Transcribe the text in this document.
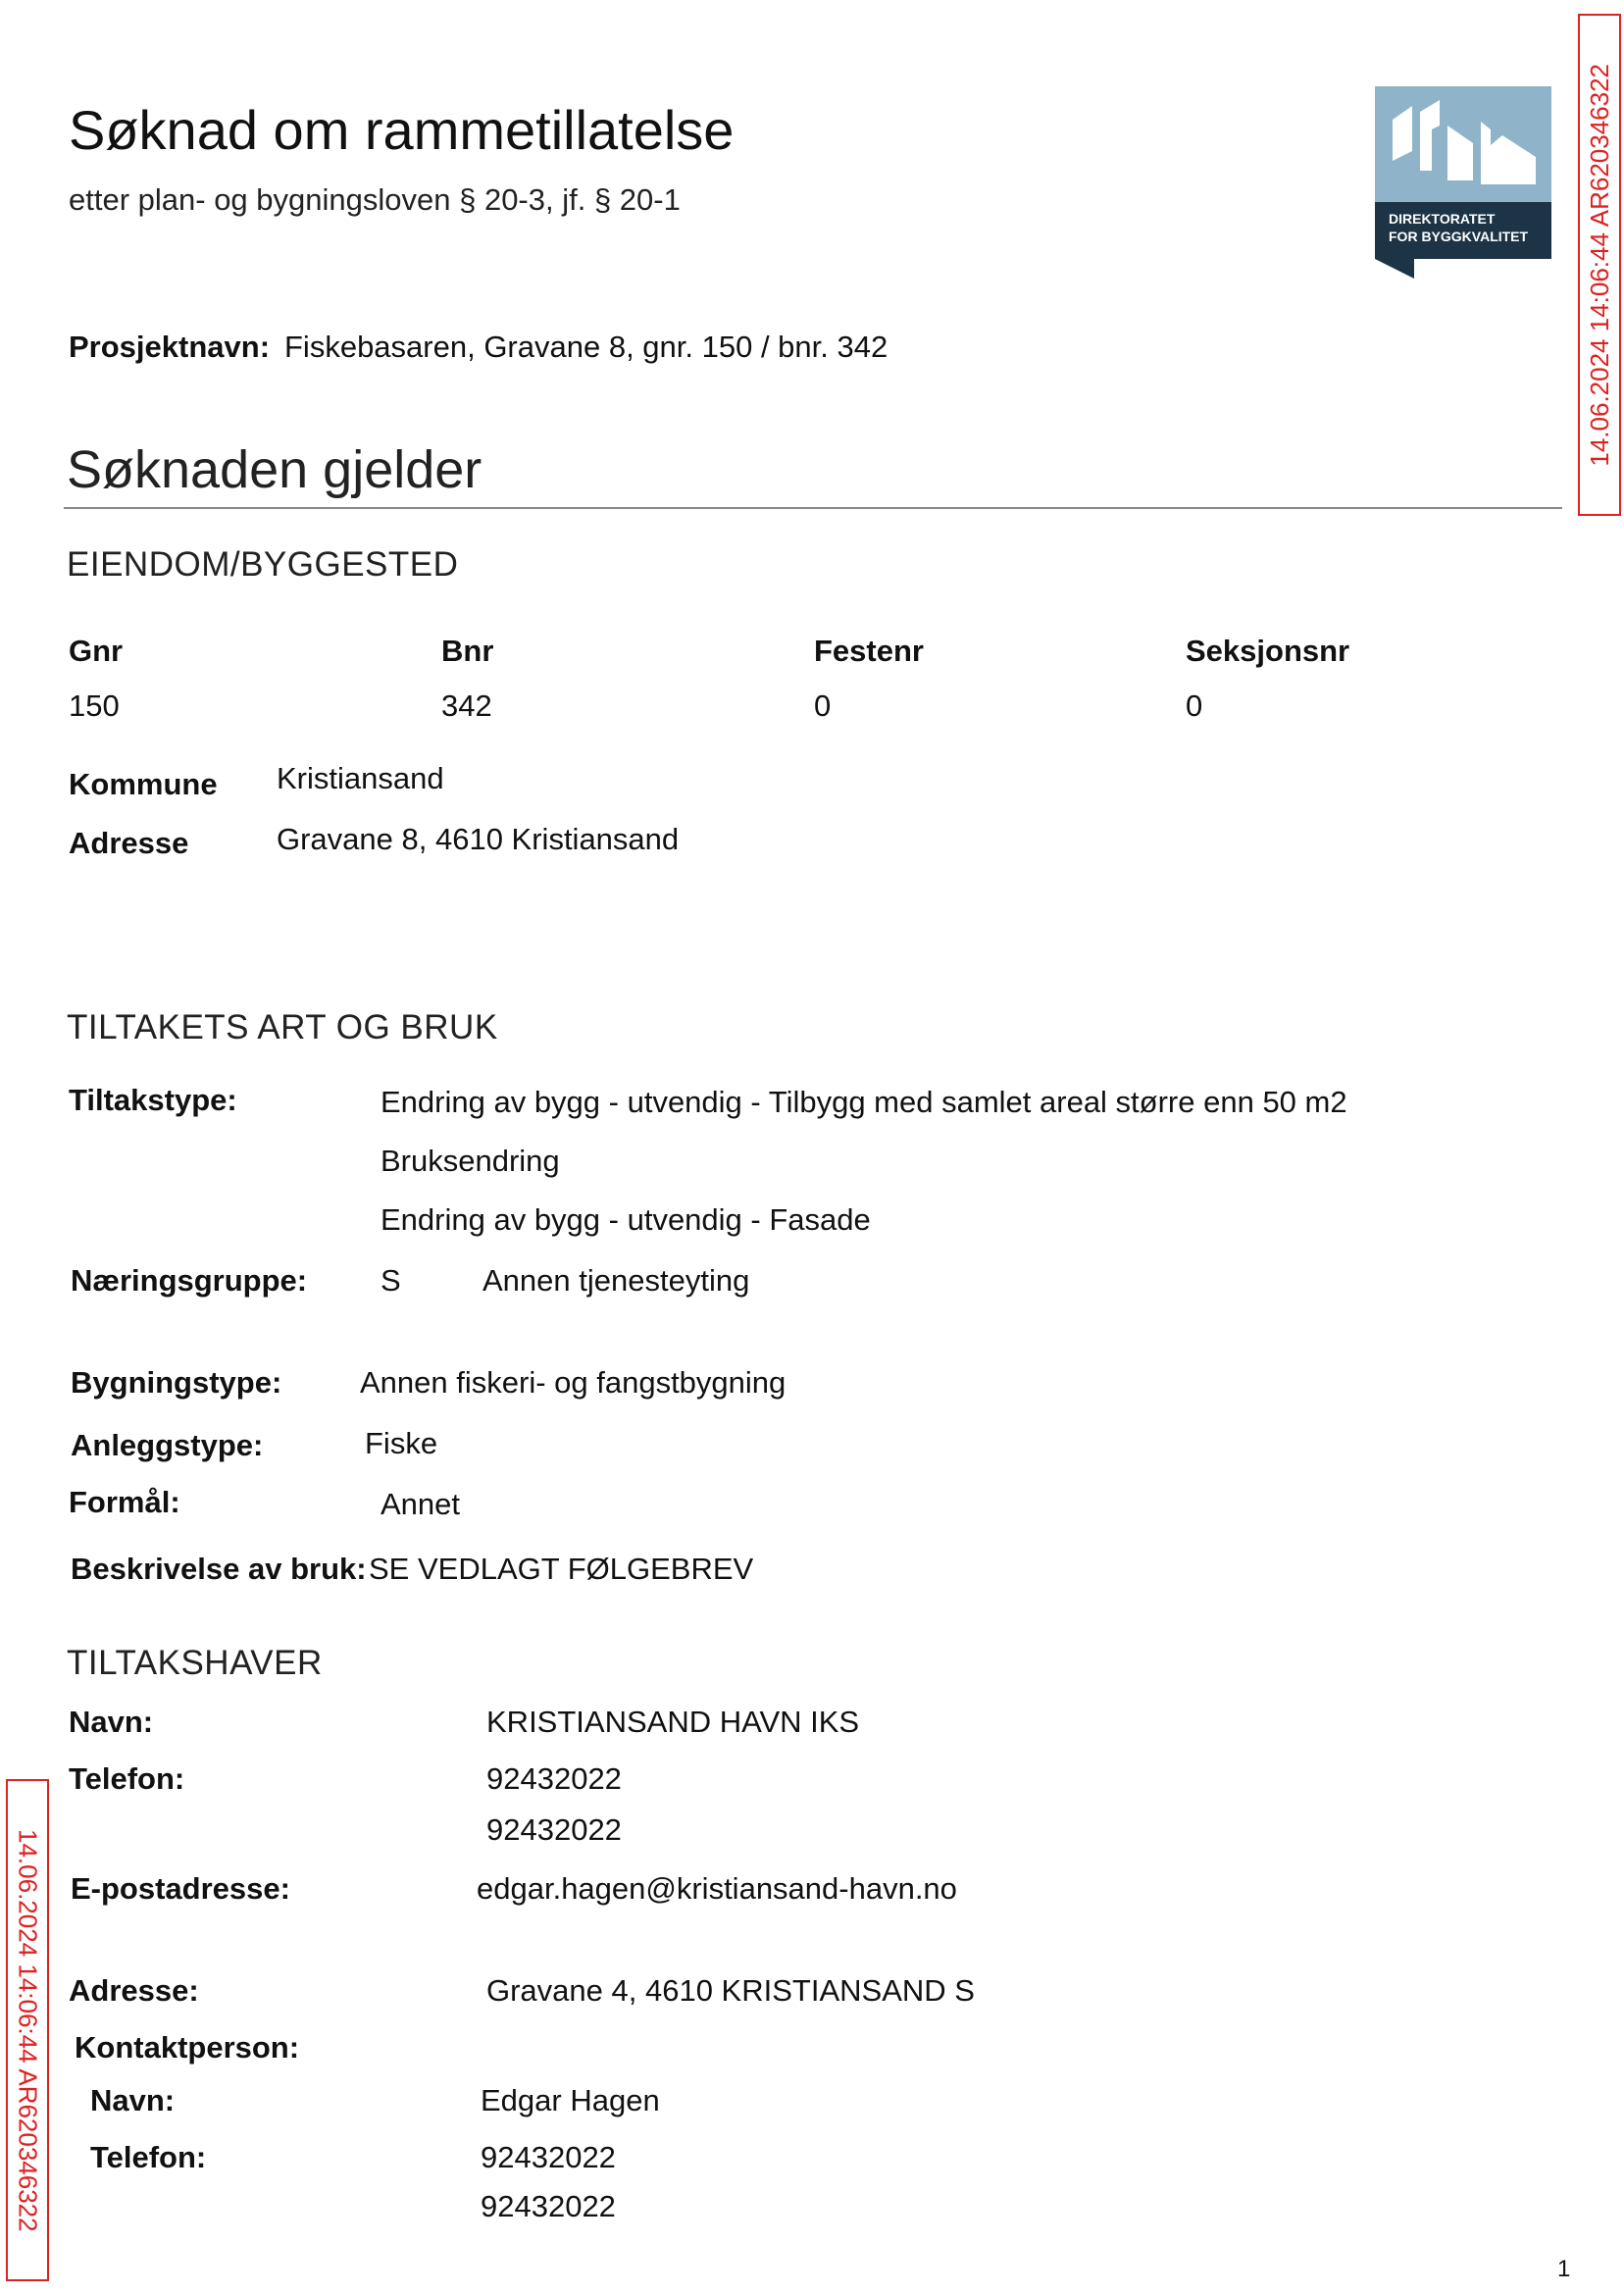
Søknad om rammetillatelse
etter plan- og bygningsloven § 20-3, jf. § 20-1
DIREKTORATET
FOR BYGGKVALITET 14.06.2024 14:06:44 AR620346322
14.06.2024 14:06:44 AR620346322
Prosjektnavn: Fiskebasaren, Gravane 8, gnr. 150 / bnr. 342
Søknaden gjelder
EIENDOM/BYGGESTED
Gnr	Bnr	Festenr	Seksjonsnr
150	342	0	0
Kommune Kristiansand
Adresse	Gravane 8, 4610 Kristiansand
TILTAKETS ART OG BRUK
Tiltakstype:	Endring av bygg - utvendig - Tilbygg med samlet areal større enn 50 m2
Bruksendring
Endring av bygg - utvendig - Fasade
Næringsgruppe: S	Annen tjenesteyting
Bygningstype:	Annen fiskeri- og fangstbygning
Anleggstype:	Fiske
Formål:	Annet
Beskrivelse av bruk: SE VEDLAGT FØLGEBREV
TILTAKSHAVER
Navn:	KRISTIANSAND HAVN IKS
Telefon:	92432022
92432022
E-postadresse:	edgar.hagen@kristiansand-havn.no
Adresse:	Gravane 4, 4610 KRISTIANSAND S
Kontaktperson:
Navn:	Edgar Hagen
Telefon:	92432022
92432022
1
